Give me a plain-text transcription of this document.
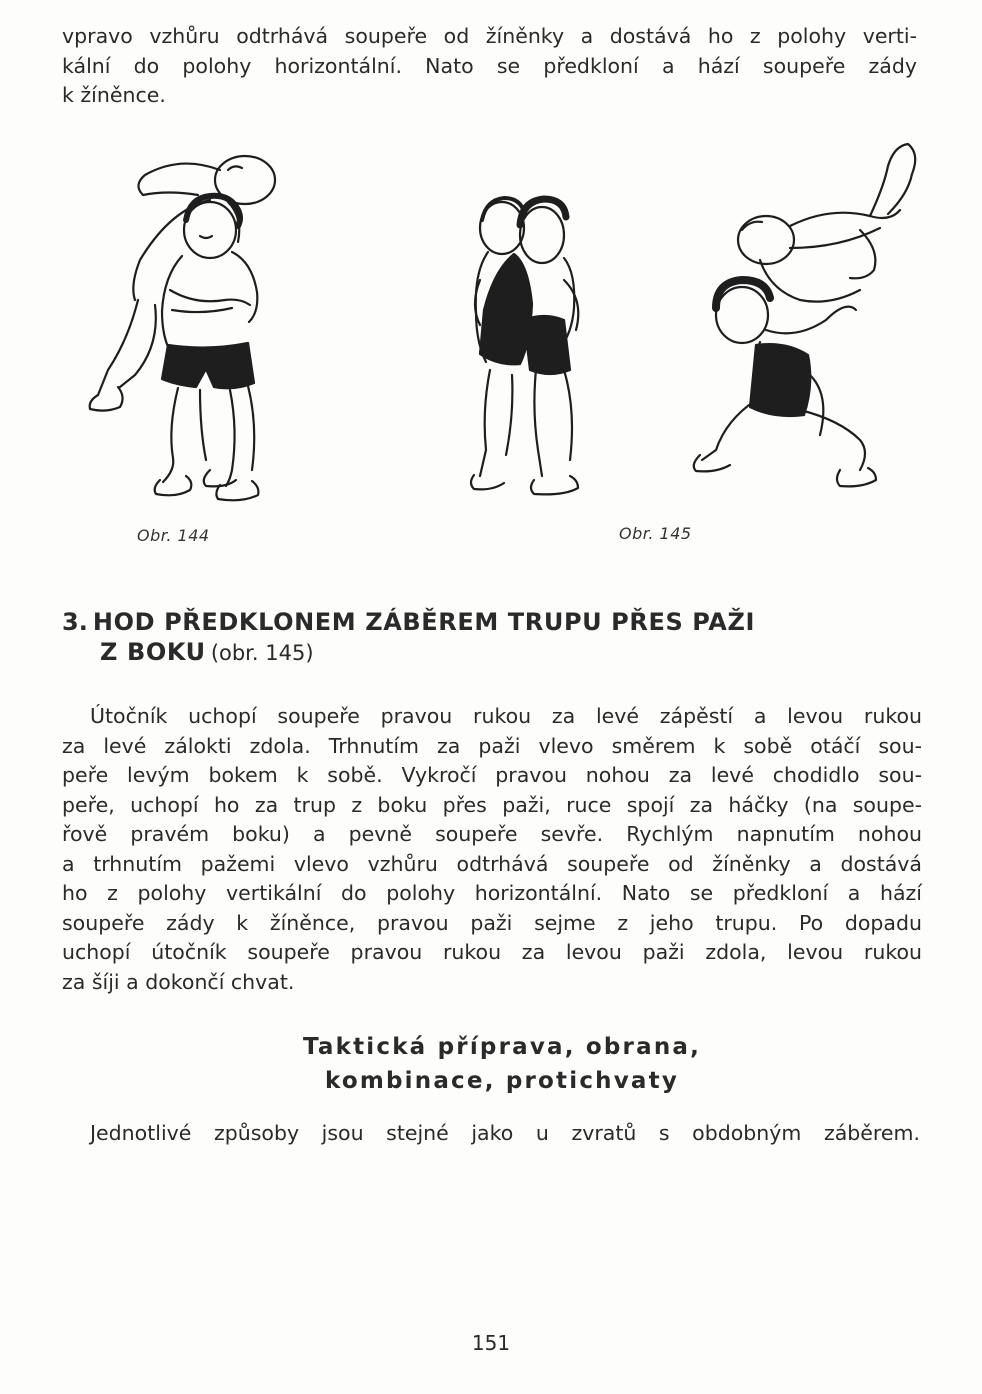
vpravo vzhůru odtrhává soupeře od žíněnky a dostává ho z polohy verti-
kální do polohy horizontální. Nato se předkloní a hází soupeře zády
k žíněnce.

Obr. 144	Obr. 145
3. HOD PŘEDKLONEM ZÁBĚREM TRUPU PŘES PAŽI
Z BOKU (obr. 145)

Útočník uchopí soupeře pravou rukou za levé zápěstí a levou rukou
za levé zálokti zdola. Trhnutím za paži vlevo směrem k sobě otáčí sou-
peře levým bokem k sobě. Vykročí pravou nohou za levé chodidlo sou-
peře, uchopí ho za trup z boku přes paži, ruce spojí za háčky (na soupe-
řově pravém boku) a pevně soupeře sevře. Rychlým napnutím nohou
a trhnutím pažemi vlevo vzhůru odtrhává soupeře od žíněnky a dostává
ho z polohy vertikální do polohy horizontální. Nato se předkloní a hází
soupeře zády k žíněnce, pravou paži sejme z jeho trupu. Po dopadu
uchopí útočník soupeře pravou rukou za levou paži zdola, levou rukou
za šíji a dokončí chvat.

Taktická příprava, obrana,
kombinace, protichvaty

Jednotlivé způsoby jsou stejné jako u zvratů s obdobným záběrem.

151
